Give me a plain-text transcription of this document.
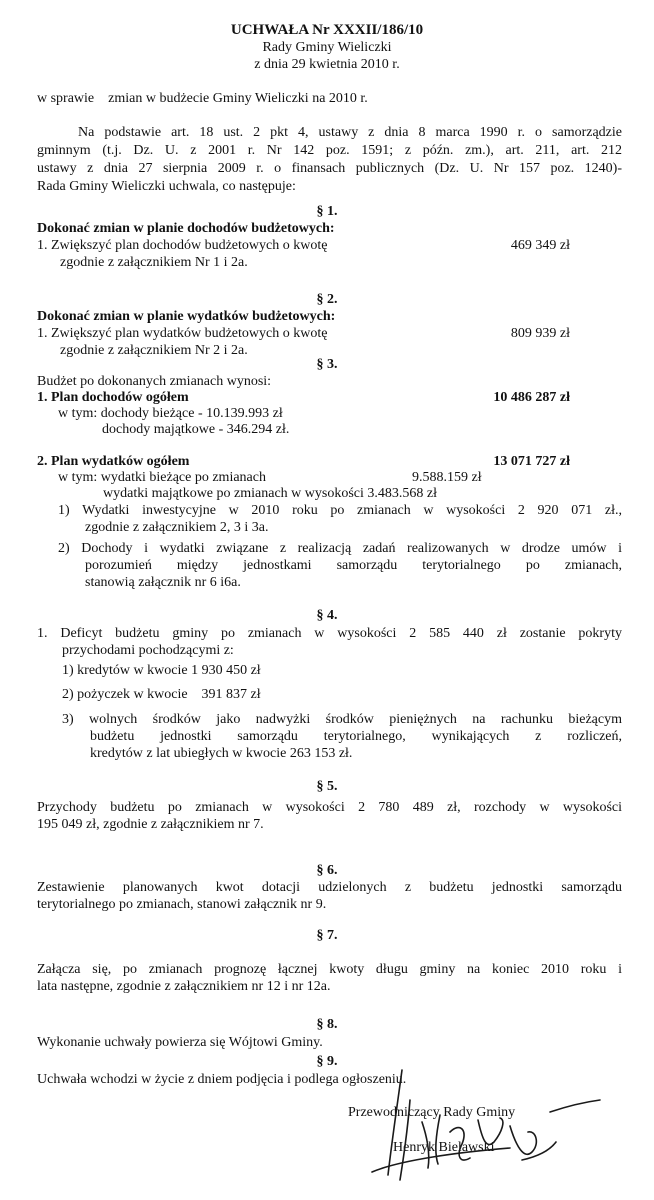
UCHWAŁA Nr XXXII/186/10
Rady Gminy Wieliczki
z dnia 29 kwietnia 2010 r.
w sprawie    zmian w budżecie Gminy Wieliczki na 2010 r.
Na podstawie art. 18 ust. 2 pkt 4, ustawy z dnia 8 marca 1990 r. o samorządzie
gminnym (t.j. Dz. U. z 2001 r. Nr 142 poz. 1591; z późn. zm.), art. 211, art. 212
ustawy z dnia 27 sierpnia 2009 r. o finansach publicznych (Dz. U. Nr 157 poz. 1240)-
Rada Gminy Wieliczki uchwala, co następuje:
§ 1.
Dokonać zmian w planie dochodów budżetowych:
1. Zwiększyć plan dochodów budżetowych o kwotę	469 349 zł
zgodnie z załącznikiem Nr 1 i 2a.
§ 2.
Dokonać zmian w planie wydatków budżetowych:
1. Zwiększyć plan wydatków budżetowych o kwotę	809 939 zł
zgodnie z załącznikiem Nr 2 i 2a.
§ 3.
Budżet po dokonanych zmianach wynosi:
1. Plan dochodów ogółem	10 486 287 zł
w tym: dochody bieżące - 10.139.993 zł
dochody majątkowe - 346.294 zł.
2. Plan wydatków ogółem	13 071 727 zł
w tym: wydatki bieżące po zmianach	9.588.159 zł
wydatki majątkowe po zmianach w wysokości 3.483.568 zł
1) Wydatki inwestycyjne w 2010 roku po zmianach w wysokości 2 920 071 zł.,
zgodnie z załącznikiem 2, 3 i 3a.
2) Dochody i wydatki związane z realizacją zadań realizowanych w drodze umów i
porozumień między jednostkami samorządu terytorialnego po zmianach,
stanowią załącznik nr 6 i6a.
§ 4.
1. Deficyt budżetu gminy po zmianach w wysokości 2 585 440 zł zostanie pokryty
przychodami pochodzącymi z:
1) kredytów w kwocie 1 930 450 zł
2) pożyczek w kwocie    391 837 zł
3) wolnych środków jako nadwyżki środków pieniężnych na rachunku bieżącym
budżetu jednostki samorządu terytorialnego, wynikających z rozliczeń,
kredytów z lat ubiegłych w kwocie 263 153 zł.
§ 5.
Przychody budżetu po zmianach w wysokości 2 780 489 zł, rozchody w wysokości
195 049 zł, zgodnie z załącznikiem nr 7.
§ 6.
Zestawienie planowanych kwot dotacji udzielonych z budżetu jednostki samorządu
terytorialnego po zmianach, stanowi załącznik nr 9.
§ 7.
Załącza się, po zmianach prognozę łącznej kwoty długu gminy na koniec 2010 roku i
lata następne, zgodnie z załącznikiem nr 12 i nr 12a.
§ 8.
Wykonanie uchwały powierza się Wójtowi Gminy.
§ 9.
Uchwała wchodzi w życie z dniem podjęcia i podlega ogłoszeniu.
Przewodniczący Rady Gminy
Henryk Bielawski
